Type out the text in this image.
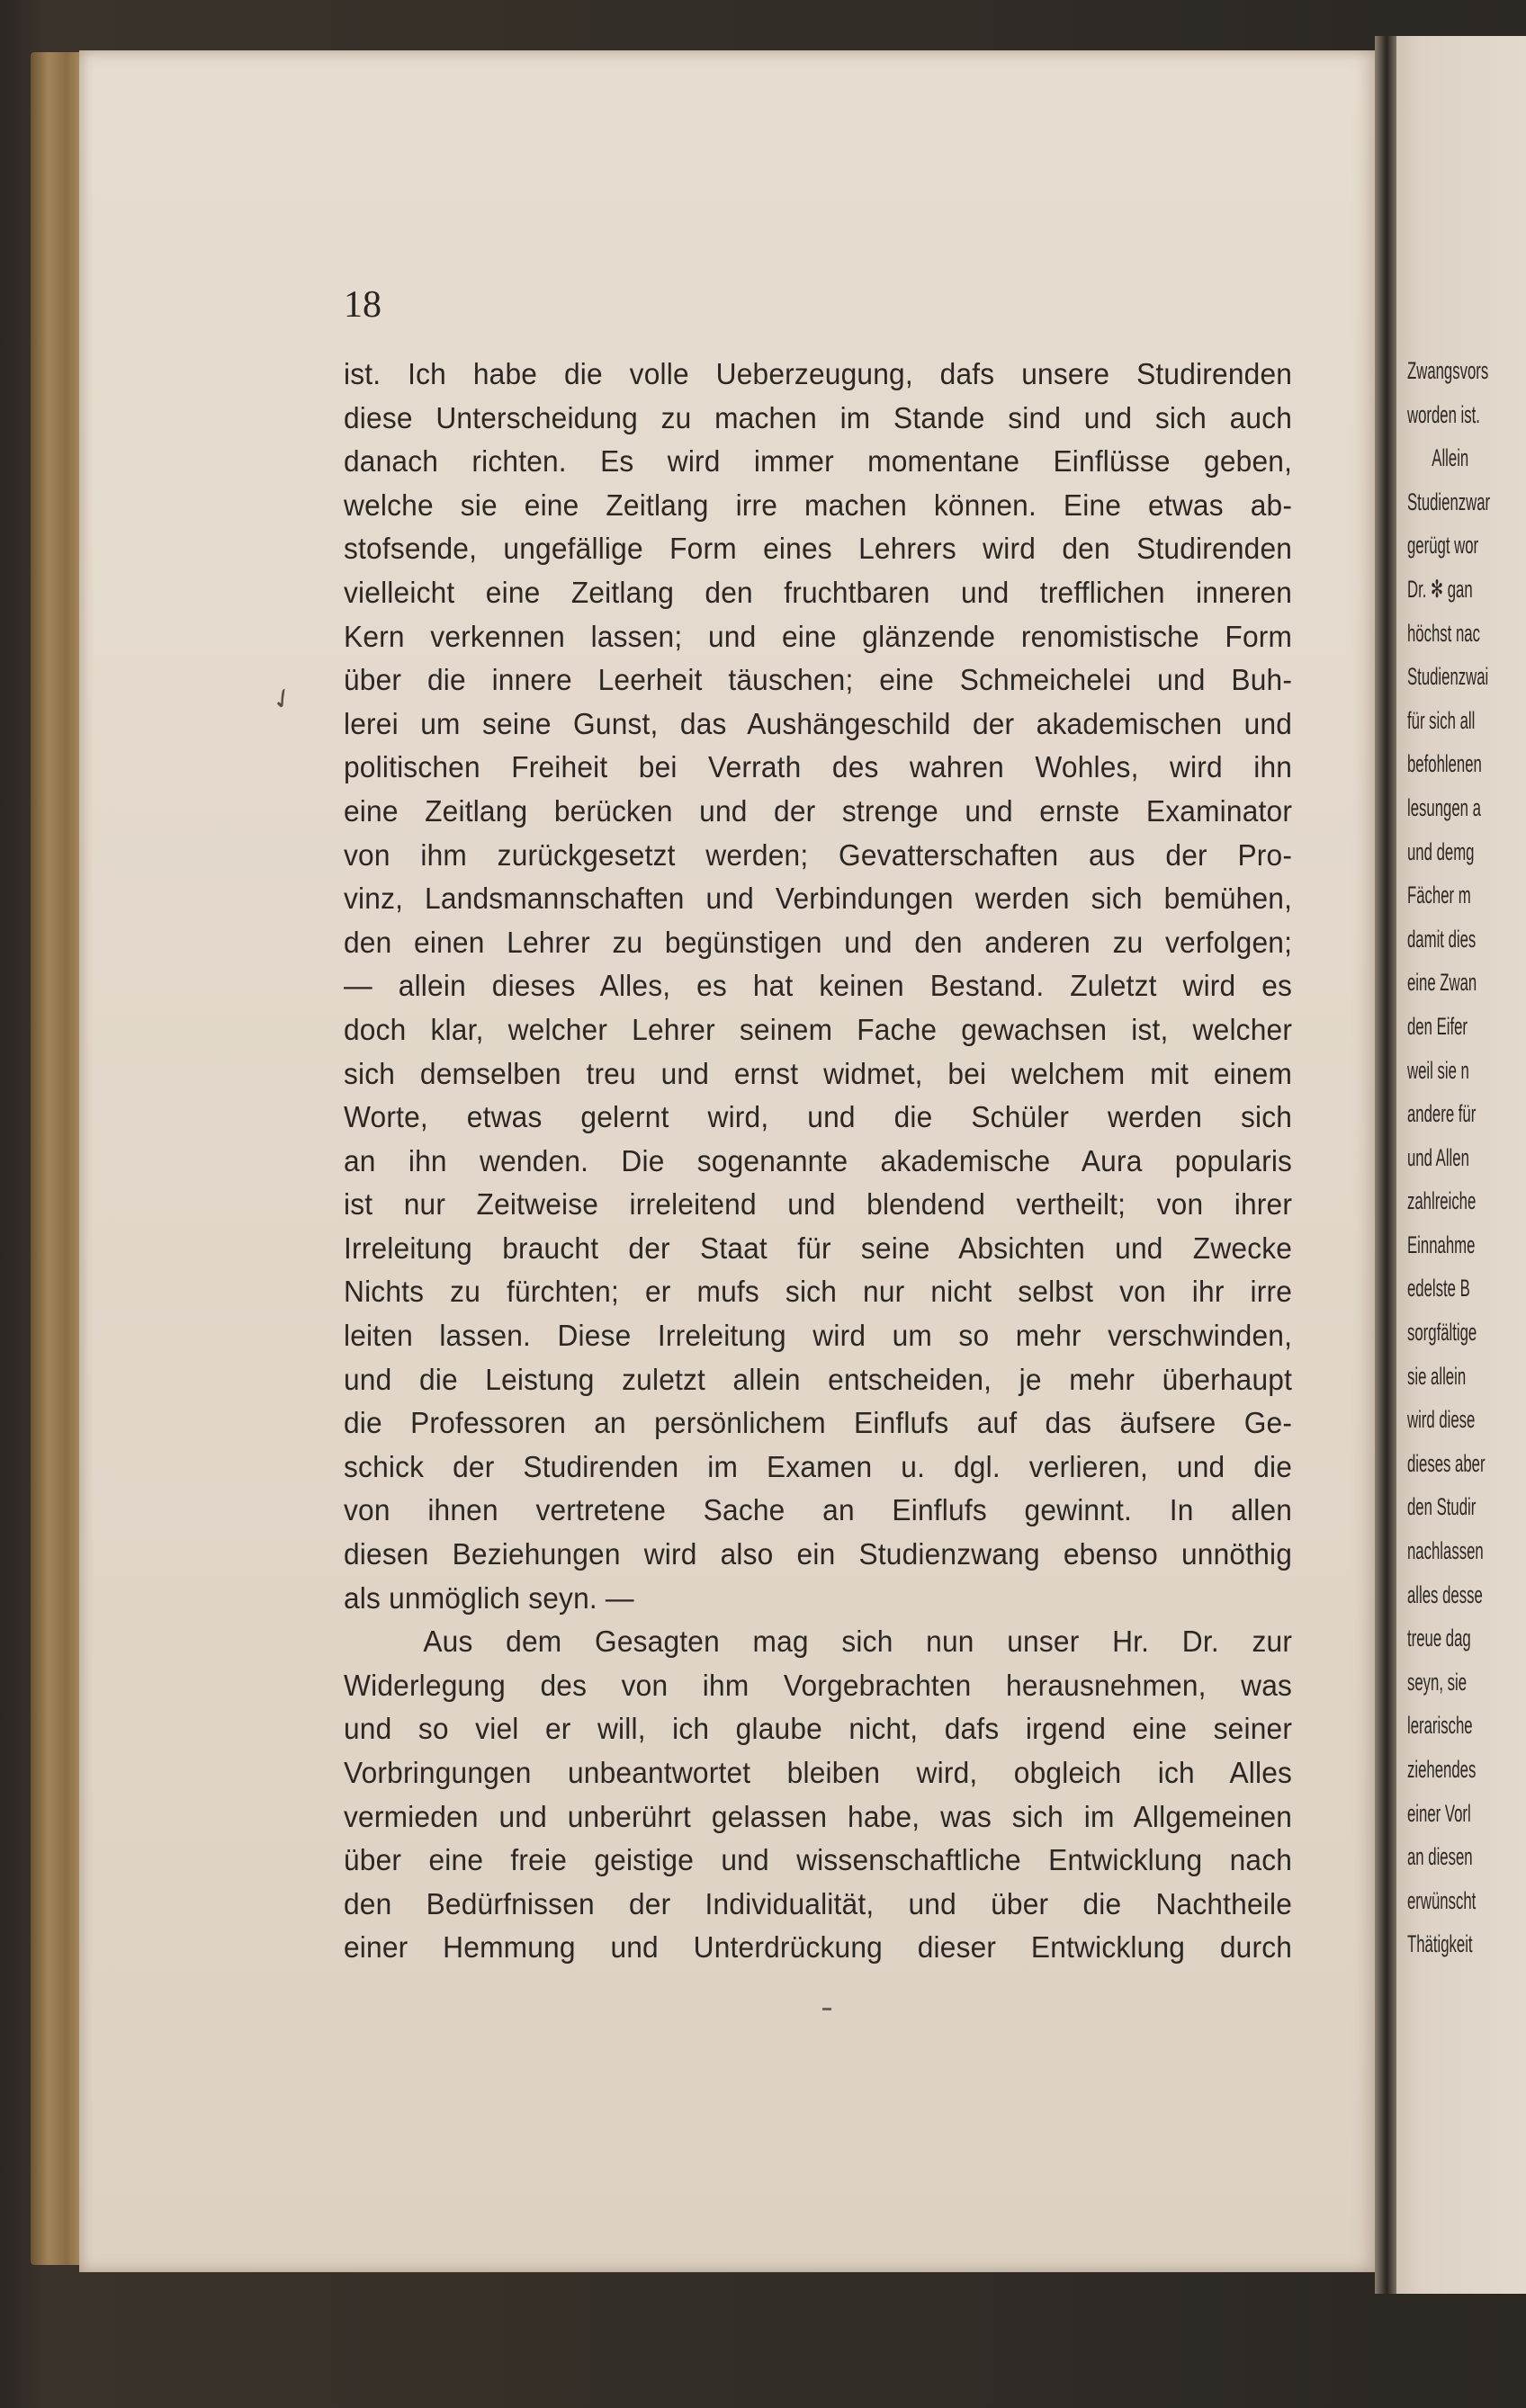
✓
18
ist. Ich habe die volle Ueberzeugung, dafs unsere Studirenden
diese Unterscheidung zu machen im Stande sind und sich auch
danach richten. Es wird immer momentane Einflüsse geben,
welche sie eine Zeitlang irre machen können. Eine etwas ab-
stofsende, ungefällige Form eines Lehrers wird den Studirenden
vielleicht eine Zeitlang den fruchtbaren und trefflichen inneren
Kern verkennen lassen; und eine glänzende renomistische Form
über die innere Leerheit täuschen; eine Schmeichelei und Buh-
lerei um seine Gunst, das Aushängeschild der akademischen und
politischen Freiheit bei Verrath des wahren Wohles, wird ihn
eine Zeitlang berücken und der strenge und ernste Examinator
von ihm zurückgesetzt werden; Gevatterschaften aus der Pro-
vinz, Landsmannschaften und Verbindungen werden sich bemühen,
den einen Lehrer zu begünstigen und den anderen zu verfolgen;
— allein dieses Alles, es hat keinen Bestand. Zuletzt wird es
doch klar, welcher Lehrer seinem Fache gewachsen ist, welcher
sich demselben treu und ernst widmet, bei welchem mit einem
Worte, etwas gelernt wird, und die Schüler werden sich
an ihn wenden. Die sogenannte akademische Aura popularis
ist nur Zeitweise irreleitend und blendend vertheilt; von ihrer
Irreleitung braucht der Staat für seine Absichten und Zwecke
Nichts zu fürchten; er mufs sich nur nicht selbst von ihr irre
leiten lassen. Diese Irreleitung wird um so mehr verschwinden,
und die Leistung zuletzt allein entscheiden, je mehr überhaupt
die Professoren an persönlichem Einflufs auf das äufsere Ge-
schick der Studirenden im Examen u. dgl. verlieren, und die
von ihnen vertretene Sache an Einflufs gewinnt. In allen
diesen Beziehungen wird also ein Studienzwang ebenso unnöthig
als unmöglich seyn. —
Aus dem Gesagten mag sich nun unser Hr. Dr. zur
Widerlegung des von ihm Vorgebrachten herausnehmen, was
und so viel er will, ich glaube nicht, dafs irgend eine seiner
Vorbringungen unbeantwortet bleiben wird, obgleich ich Alles
vermieden und unberührt gelassen habe, was sich im Allgemeinen
über eine freie geistige und wissenschaftliche Entwicklung nach
den Bedürfnissen der Individualität, und über die Nachtheile
einer Hemmung und Unterdrückung dieser Entwicklung durch
Zwangsvors
worden ist.
Allein
Studienzwar
gerügt wor
Dr. ✻ gan
höchst nac
Studienzwai
für sich all
befohlenen
lesungen a
und demg
Fächer m
damit dies
eine Zwan
den Eifer
weil sie n
andere für
und Allen
zahlreiche
Einnahme
edelste B
sorgfältige
sie allein
wird diese
dieses aber
den Studir
nachlassen
alles desse
treue dag
seyn, sie
lerarische
ziehendes
einer Vorl
an diesen
erwünscht
Thätigkeit
